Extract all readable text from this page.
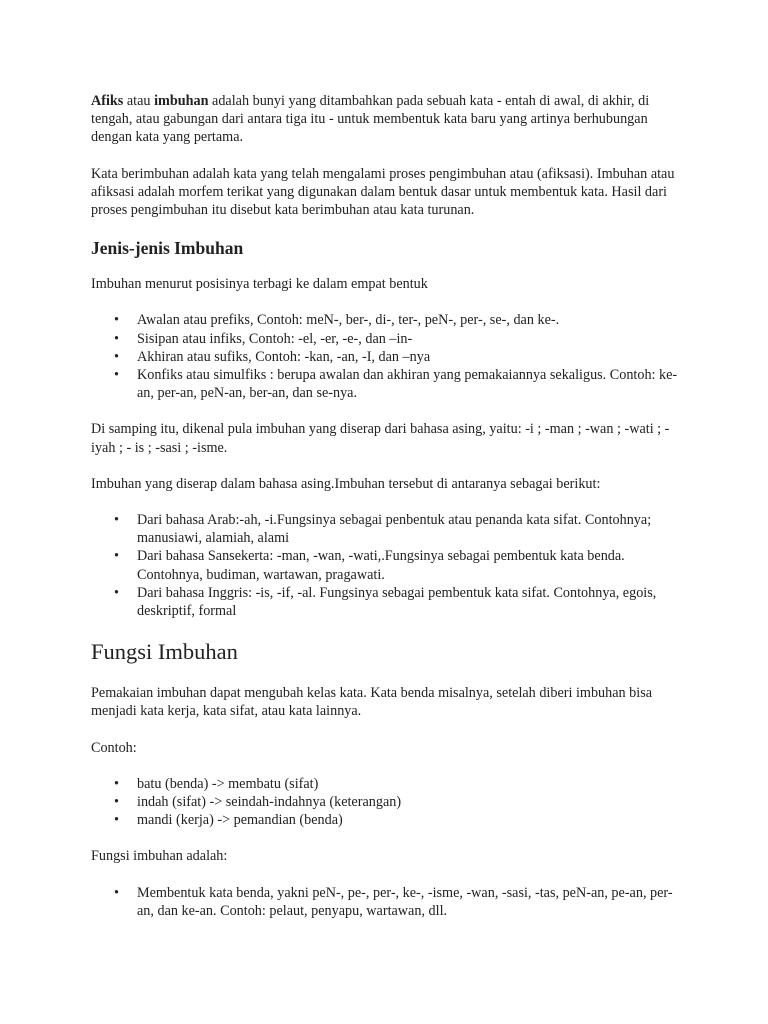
Afiks atau imbuhan adalah bunyi yang ditambahkan pada sebuah kata - entah di awal, di akhir, di tengah, atau gabungan dari antara tiga itu - untuk membentuk kata baru yang artinya berhubungan dengan kata yang pertama.

Kata berimbuhan adalah kata yang telah mengalami proses pengimbuhan atau (afiksasi). Imbuhan atau afiksasi adalah morfem terikat yang digunakan dalam bentuk dasar untuk membentuk kata. Hasil dari proses pengimbuhan itu disebut kata berimbuhan atau kata turunan.

Jenis-jenis Imbuhan

Imbuhan menurut posisinya terbagi ke dalam empat bentuk

• Awalan atau prefiks, Contoh: meN-, ber-, di-, ter-, peN-, per-, se-, dan ke-.
• Sisipan atau infiks, Contoh: -el, -er, -e-, dan –in-
• Akhiran atau sufiks, Contoh: -kan, -an, -I, dan –nya
• Konfiks atau simulfiks : berupa awalan dan akhiran yang pemakaiannya sekaligus. Contoh: ke-an, per-an, peN-an, ber-an, dan se-nya.

Di samping itu, dikenal pula imbuhan yang diserap dari bahasa asing, yaitu: -i ; -man ; -wan ; -wati ; -iyah ; - is ; -sasi ; -isme.

Imbuhan yang diserap dalam bahasa asing.Imbuhan tersebut di antaranya sebagai berikut:

• Dari bahasa Arab:-ah, -i.Fungsinya sebagai penbentuk atau penanda kata sifat. Contohnya; manusiawi, alamiah, alami
• Dari bahasa Sansekerta: -man, -wan, -wati,.Fungsinya sebagai pembentuk kata benda. Contohnya, budiman, wartawan, pragawati.
• Dari bahasa Inggris: -is, -if, -al. Fungsinya sebagai pembentuk kata sifat. Contohnya, egois, deskriptif, formal
Fungsi Imbuhan

Pemakaian imbuhan dapat mengubah kelas kata. Kata benda misalnya, setelah diberi imbuhan bisa menjadi kata kerja, kata sifat, atau kata lainnya.

Contoh:

• batu (benda) -> membatu (sifat)
• indah (sifat) -> seindah-indahnya (keterangan)
• mandi (kerja) -> pemandian (benda)

Fungsi imbuhan adalah:

• Membentuk kata benda, yakni peN-, pe-, per-, ke-, -isme, -wan, -sasi, -tas, peN-an, pe-an, per-an, dan ke-an. Contoh: pelaut, penyapu, wartawan, dll.
